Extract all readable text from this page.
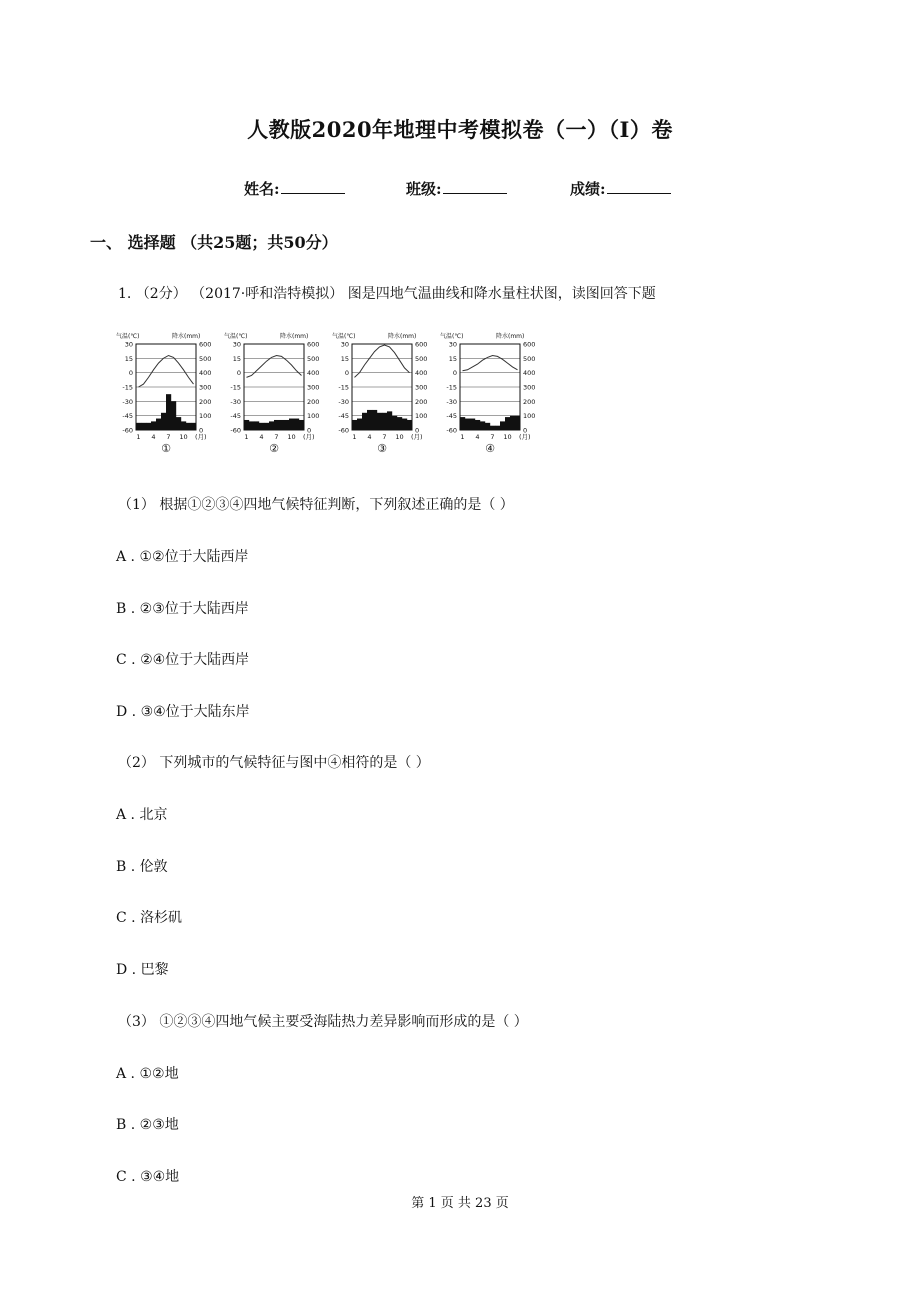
人教版2020年地理中考模拟卷（一）（I）卷
姓名:	班级:	成绩:
一、 选择题 （共25题；共50分）
1. （2分） （2017·呼和浩特模拟） 图是四地气温曲线和降水量柱状图，读图回答下题
气温(℃)	降水(mm)
30
15
0
-15
-30
-45
-60
600
500
400
300
200
100
0
1 4 7 10 (月)
①
气温(℃)	降水(mm)
30
15
0
-15
-30
-45
-60
600
500
400
300
200
100
0
1 4 7 10 (月)
②
气温(℃)	降水(mm)
30
15
0
-15
-30
-45
-60
600
500
400
300
200
100
0
1 4 7 10 (月)
③
气温(℃)	降水(mm)
30
15
0
-15
-30
-45
-60
600
500
400
300
200
100
0
1 4 7 10 (月)
④
（1） 根据①②③④四地气候特征判断，下列叙述正确的是（ ）
A . ①②位于大陆西岸
B . ②③位于大陆西岸
C . ②④位于大陆西岸
D . ③④位于大陆东岸
（2） 下列城市的气候特征与图中④相符的是（ ）
A . 北京
B . 伦敦
C . 洛杉矶
D . 巴黎
（3） ①②③④四地气候主要受海陆热力差异影响而形成的是（ ）
A . ①②地
B . ②③地
C . ③④地
第 1 页 共 23 页
